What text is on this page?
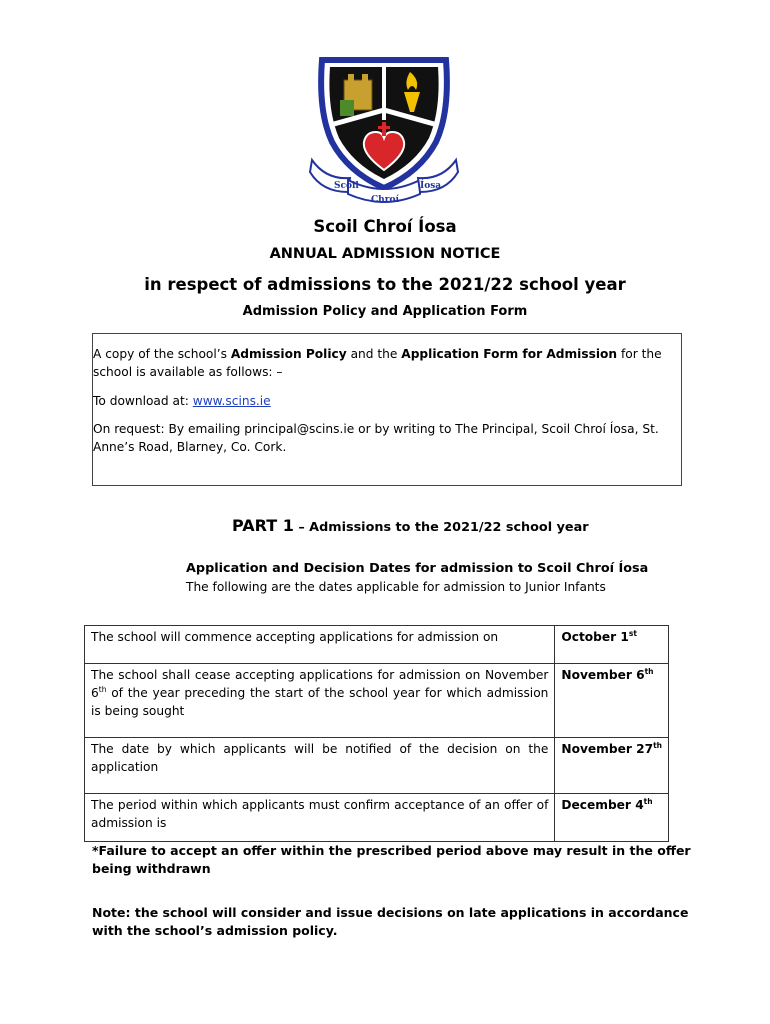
Scoil
Chroí
Íosa
Scoil Chroí Íosa
ANNUAL ADMISSION NOTICE
in respect of admissions to the 2021/22 school year
Admission Policy and Application Form

A copy of the school’s Admission Policy and the Application Form for Admission for the school is available as follows: –

To download at: www.scins.ie

On request: By emailing principal@scins.ie or by writing to The Principal, Scoil Chroí Íosa, St. Anne’s Road, Blarney, Co. Cork.

PART 1 – Admissions to the 2021/22 school year
Application and Decision Dates for admission to Scoil Chroí Íosa
The following are the dates applicable for admission to Junior Infants
The school will commence accepting applications for admission on	October 1st
The school shall cease accepting applications for admission on November 6th of the year preceding the start of the school year for which admission is being sought	November 6th
The date by which applicants will be notified of the decision on the application	November 27th
The period within which applicants must confirm acceptance of an offer of admission is	December 4th
*Failure to accept an offer within the prescribed period above may result in the offer being withdrawn
Note: the school will consider and issue decisions on late applications in accordance with the school’s admission policy.
